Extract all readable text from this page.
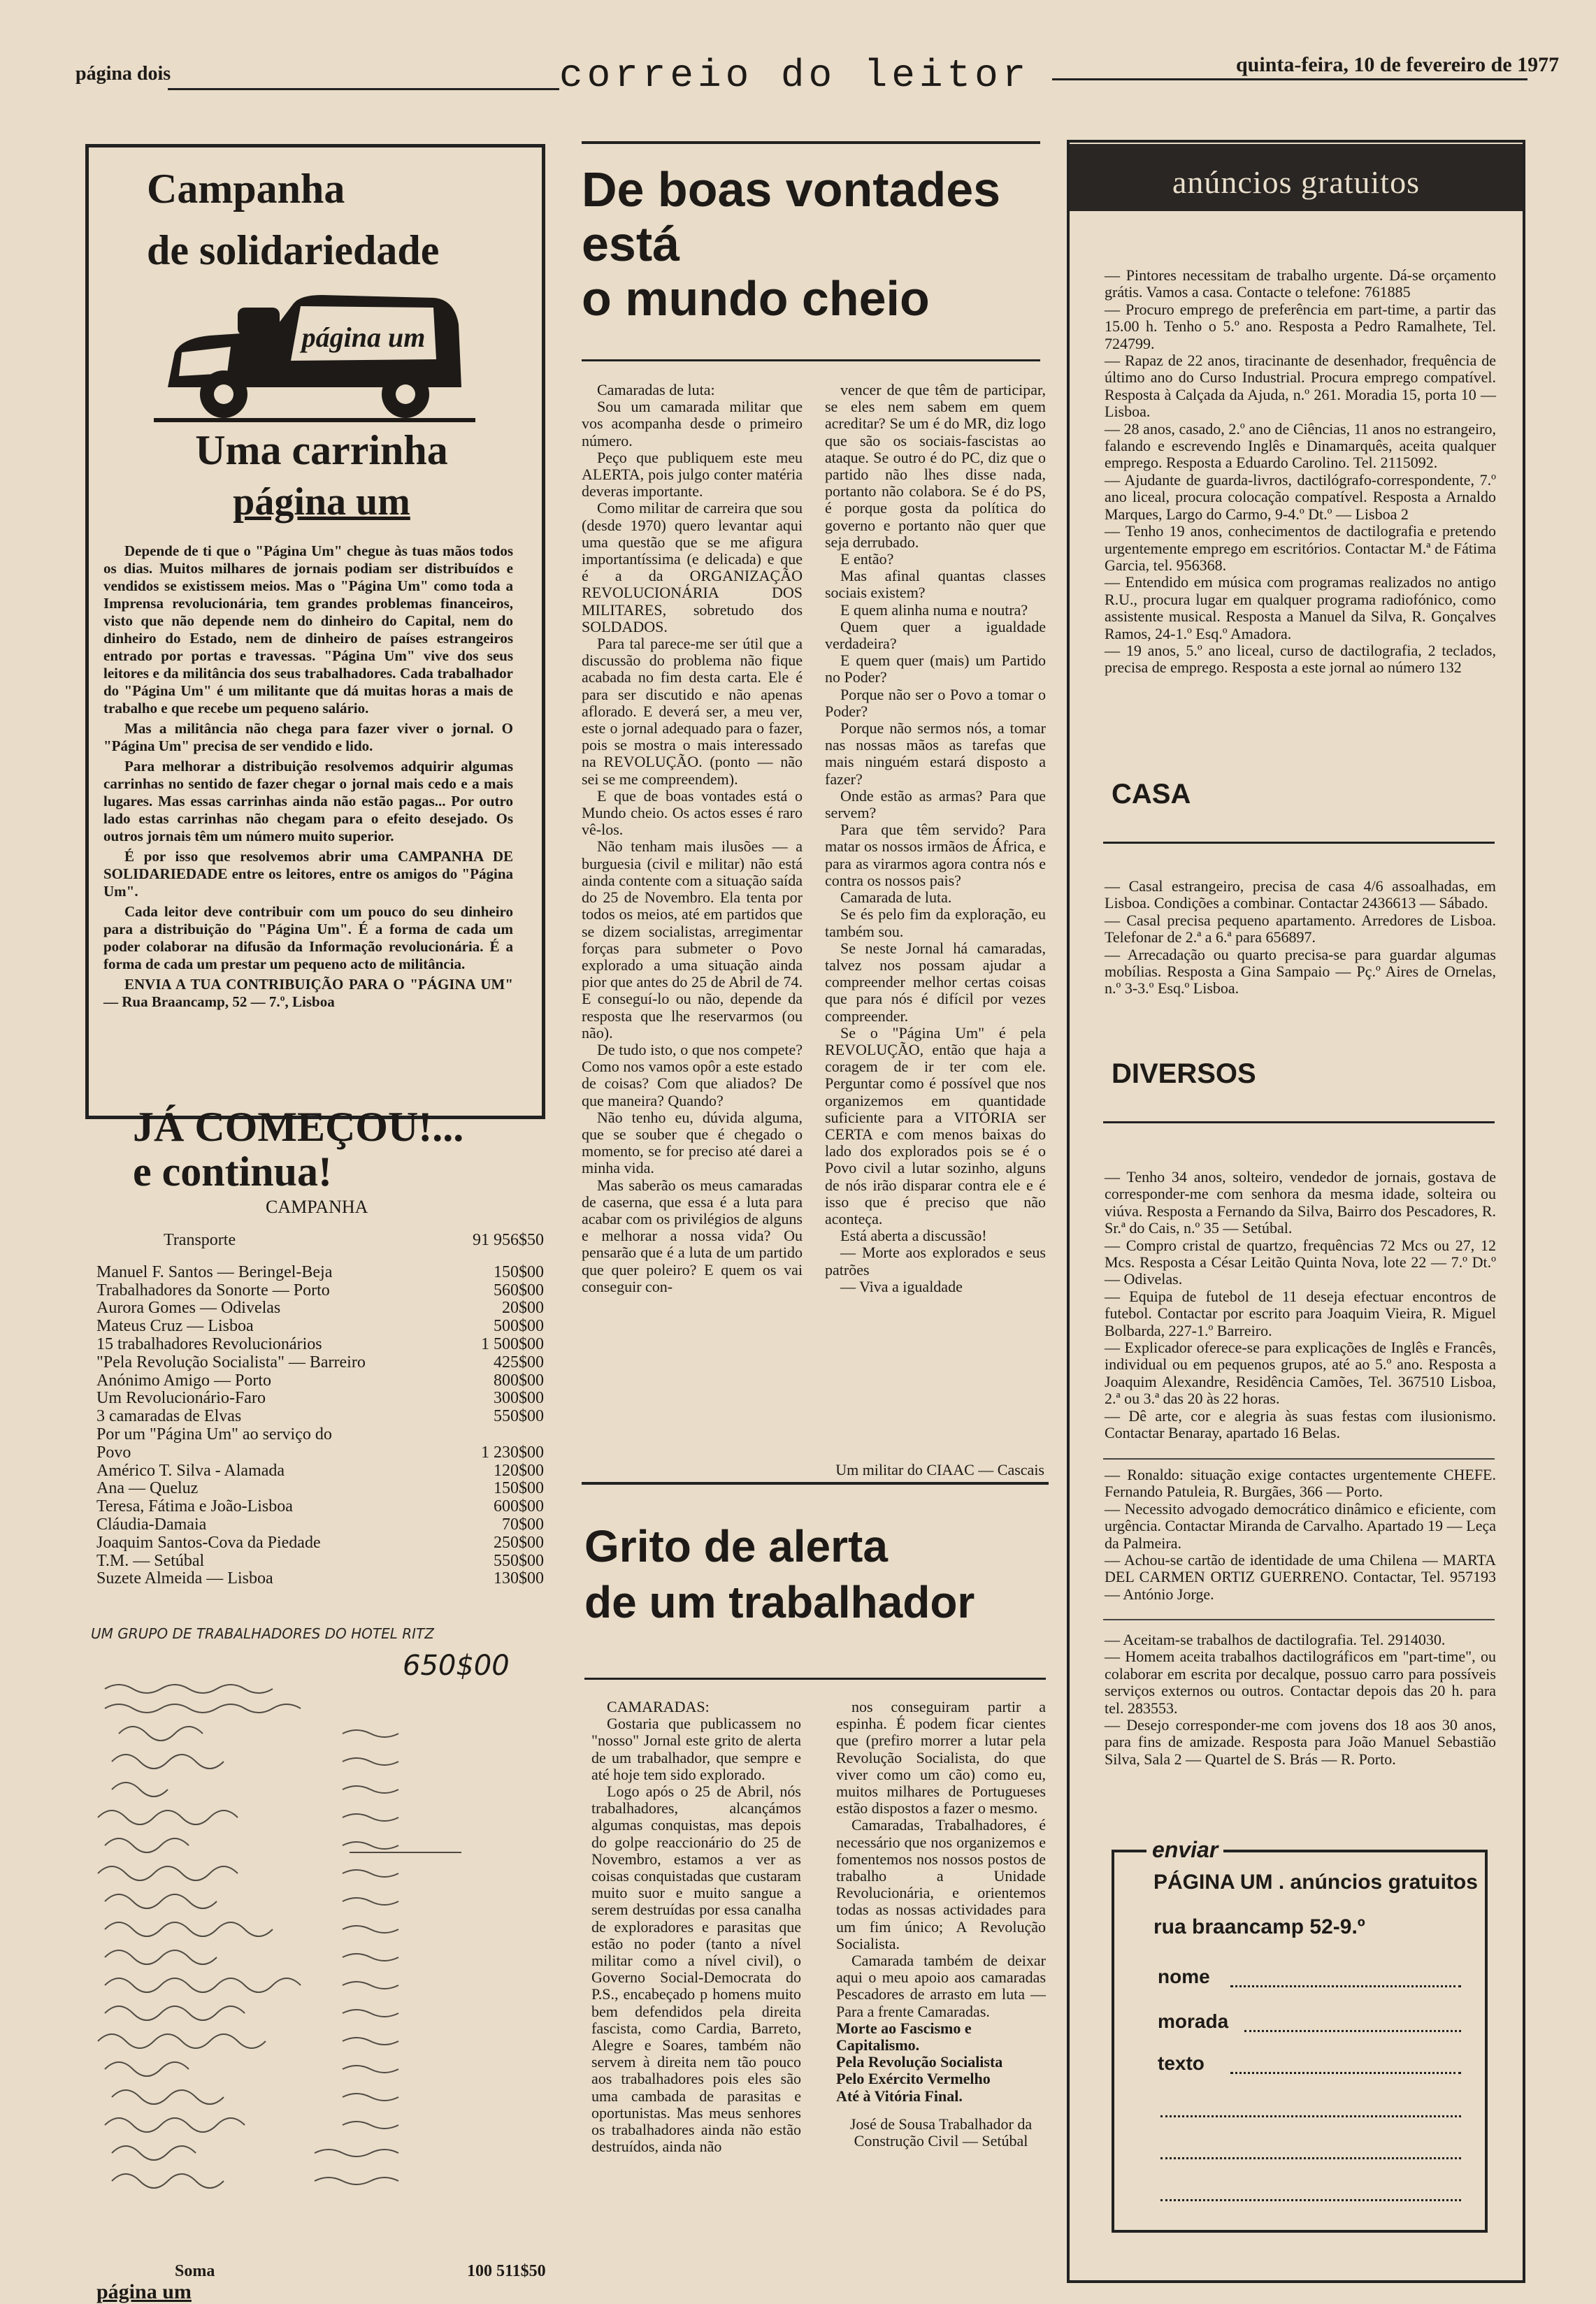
página dois	correio do leitor	quinta-feira, 10 de fevereiro de 1977
Campanha
de solidariedade
página um
Uma carrinha
página um

Depende de ti que o "Página Um" chegue às tuas mãos todos os dias. Muitos milhares de jornais podiam ser distribuídos e vendidos se existissem meios. Mas o "Página Um" como toda a Imprensa revolucionária, tem grandes problemas financeiros, visto que não depende nem do dinheiro do Capital, nem do dinheiro do Estado, nem de dinheiro de países estrangeiros entrado por portas e travessas. "Página Um" vive dos seus leitores e da militância dos seus trabalhadores. Cada trabalhador do "Página Um" é um militante que dá muitas horas a mais de trabalho e que recebe um pequeno salário.

Mas a militância não chega para fazer viver o jornal. O "Página Um" precisa de ser vendido e lido.

Para melhorar a distribuição resolvemos adquirir algumas carrinhas no sentido de fazer chegar o jornal mais cedo e a mais lugares. Mas essas carrinhas ainda não estão pagas... Por outro lado estas carrinhas não chegam para o efeito desejado. Os outros jornais têm um número muito superior.

É por isso que resolvemos abrir uma CAMPANHA DE SOLIDARIEDADE entre os leitores, entre os amigos do "Página Um".

Cada leitor deve contribuir com um pouco do seu dinheiro para a distribuição do "Página Um". É a forma de cada um poder colaborar na difusão da Informação revolucionária. É a forma de cada um prestar um pequeno acto de militância.

ENVIA A TUA CONTRIBUIÇÃO PARA O "PÁGINA UM" — Rua Braancamp, 52 — 7.º, Lisboa

JÁ COMEÇOU!...
e continua!
CAMPANHA
Transporte	91 956$50
Manuel F. Santos — Beringel-Beja	150$00
Trabalhadores da Sonorte — Porto	560$00
Aurora Gomes — Odivelas	20$00
Mateus Cruz — Lisboa	500$00
15 trabalhadores Revolucionários	1 500$00
"Pela Revolução Socialista" — Barreiro	425$00
Anónimo Amigo — Porto	800$00
Um Revolucionário-Faro	300$00
3 camaradas de Elvas	550$00
Por um "Página Um" ao serviço do
Povo	1 230$00
Américo T. Silva - Alamada	120$00
Ana — Queluz	150$00
Teresa, Fátima e João-Lisboa	600$00
Cláudia-Damaia	70$00
Joaquim Santos-Cova da Piedade	250$00
T.M. — Setúbal	550$00
Suzete Almeida — Lisboa	130$00
UM GRUPO DE TRABALHADORES DO HOTEL RITZ
650$00
Soma	100 511$50
página um
De boas vontades
está
o mundo cheio

Camaradas de luta:

Sou um camarada militar que vos acompanha desde o primeiro número.

Peço que publiquem este meu ALERTA, pois julgo conter matéria deveras importante.

Como militar de carreira que sou (desde 1970) quero levantar aqui uma questão que se me afigura importantíssima (e delicada) e que é a da ORGANIZAÇÃO REVOLUCIONÁRIA DOS MILITARES, sobretudo dos SOLDADOS.

Para tal parece-me ser útil que a discussão do problema não fique acabada no fim desta carta. Ele é para ser discutido e não apenas aflorado. E deverá ser, a meu ver, este o jornal adequado para o fazer, pois se mostra o mais interessado na REVOLUÇÃO. (ponto — não sei se me compreendem).

E que de boas vontades está o Mundo cheio. Os actos esses é raro vê-los.

Não tenham mais ilusões — a burguesia (civil e militar) não está ainda contente com a situação saída do 25 de Novembro. Ela tenta por todos os meios, até em partidos que se dizem socialistas, arregimentar forças para submeter o Povo explorado a uma situação ainda pior que antes do 25 de Abril de 74. E conseguí-lo ou não, depende da resposta que lhe reservarmos (ou não).

De tudo isto, o que nos compete? Como nos vamos opôr a este estado de coisas? Com que aliados? De que maneira? Quando?

Não tenho eu, dúvida alguma, que se souber que é chegado o momento, se for preciso até darei a minha vida.

Mas saberão os meus camaradas de caserna, que essa é a luta para acabar com os privilégios de alguns e melhorar a nossa vida? Ou pensarão que é a luta de um partido que quer poleiro? E quem os vai conseguir con-

vencer de que têm de participar, se eles nem sabem em quem acreditar? Se um é do MR, diz logo que são os sociais-fascistas ao ataque. Se outro é do PC, diz que o partido não lhes disse nada, portanto não colabora. Se é do PS, é porque gosta da política do governo e portanto não quer que seja derrubado.

E então?

Mas afinal quantas classes sociais existem?

E quem alinha numa e noutra?

Quem quer a igualdade verdadeira?

E quem quer (mais) um Partido no Poder?

Porque não ser o Povo a tomar o Poder?

Porque não sermos nós, a tomar nas nossas mãos as tarefas que mais ninguém estará disposto a fazer?

Onde estão as armas? Para que servem?

Para que têm servido? Para matar os nossos irmãos de África, e para as virarmos agora contra nós e contra os nossos pais?

Camarada de luta.

Se és pelo fim da exploração, eu também sou.

Se neste Jornal há camaradas, talvez nos possam ajudar a compreender melhor certas coisas que para nós é difícil por vezes compreender.

Se o "Página Um" é pela REVOLUÇÃO, então que haja a coragem de ir ter com ele. Perguntar como é possível que nos organizemos em quantidade suficiente para a VITÓRIA ser CERTA e com menos baixas do lado dos explorados pois se é o Povo civil a lutar sozinho, alguns de nós irão disparar contra ele e é isso que é preciso que não aconteça.

Está aberta a discussão!

— Morte aos explorados e seus patrões

— Viva a igualdade

Um militar do CIAAC — Cascais
Grito de alerta
de um trabalhador

CAMARADAS:

Gostaria que publicassem no "nosso" Jornal este grito de alerta de um trabalhador, que sempre e até hoje tem sido explorado.

Logo após o 25 de Abril, nós trabalhadores, alcançámos algumas conquistas, mas depois do golpe reaccionário do 25 de Novembro, estamos a ver as coisas conquistadas que custaram muito suor e muito sangue a serem destruídas por essa canalha de exploradores e parasitas que estão no poder (tanto a nível militar como a nível civil), o Governo Social-Democrata do P.S., encabeçado p homens muito bem defendidos pela direita fascista, como Cardia, Barreto, Alegre e Soares, também não servem à direita nem tão pouco aos trabalhadores pois eles são uma cambada de parasitas e oportunistas. Mas meus senhores os trabalhadores ainda não estão destruídos, ainda não

nos conseguiram partir a espinha. É podem ficar cientes que (prefiro morrer a lutar pela Revolução Socialista, do que viver como um cão) como eu, muitos milhares de Portugueses estão dispostos a fazer o mesmo.

Camaradas, Trabalhadores, é necessário que nos organizemos e fomentemos nos nossos postos de trabalho a Unidade Revolucionária, e orientemos todas as nossas actividades para um fim único; A Revolução Socialista.

Camarada também de deixar aqui o meu apoio aos camaradas Pescadores de arrasto em luta — Para a frente Camaradas.

Morte ao Fascismo e Capitalismo.

Pela Revolução Socialista

Pelo Exército Vermelho

Até à Vitória Final.

José de Sousa Trabalhador da Construção Civil — Setúbal

anúncios gratuitos

— Pintores necessitam de trabalho urgente. Dá-se orçamento grátis. Vamos a casa. Contacte o telefone: 761885

— Procuro emprego de preferência em part-time, a partir das 15.00 h. Tenho o 5.º ano. Resposta a Pedro Ramalhete, Tel. 724799.

— Rapaz de 22 anos, tiracinante de desenhador, frequência de último ano do Curso Industrial. Procura emprego compatível. Resposta à Calçada da Ajuda, n.º 261. Moradia 15, porta 10 — Lisboa.

— 28 anos, casado, 2.º ano de Ciências, 11 anos no estrangeiro, falando e escrevendo Inglês e Dinamarquês, aceita qualquer emprego. Resposta a Eduardo Carolino. Tel. 2115092.

— Ajudante de guarda-livros, dactilógrafo-correspondente, 7.º ano liceal, procura colocação compatível. Resposta a Arnaldo Marques, Largo do Carmo, 9-4.º Dt.º — Lisboa 2

— Tenho 19 anos, conhecimentos de dactilografia e pretendo urgentemente emprego em escritórios. Contactar M.ª de Fátima Garcia, tel. 956368.

— Entendido em música com programas realizados no antigo R.U., procura lugar em qualquer programa radiofónico, como assistente musical. Resposta a Manuel da Silva, R. Gonçalves Ramos, 24-1.º Esq.º Amadora.

— 19 anos, 5.º ano liceal, curso de dactilografia, 2 teclados, precisa de emprego. Resposta a este jornal ao número 132

CASA

— Casal estrangeiro, precisa de casa 4/6 assoalhadas, em Lisboa. Condições a combinar. Contactar 2436613 — Sábado.

— Casal precisa pequeno apartamento. Arredores de Lisboa. Telefonar de 2.ª a 6.ª para 656897.

— Arrecadação ou quarto precisa-se para guardar algumas mobílias. Resposta a Gina Sampaio — Pç.º Aires de Ornelas, n.º 3-3.º Esq.º Lisboa.

DIVERSOS

— Tenho 34 anos, solteiro, vendedor de jornais, gostava de corresponder-me com senhora da mesma idade, solteira ou viúva. Resposta a Fernando da Silva, Bairro dos Pescadores, R. Sr.ª do Cais, n.º 35 — Setúbal.

— Compro cristal de quartzo, frequências 72 Mcs ou 27, 12 Mcs. Resposta a César Leitão Quinta Nova, lote 22 — 7.º Dt.º — Odivelas.

— Equipa de futebol de 11 deseja efectuar encontros de futebol. Contactar por escrito para Joaquim Vieira, R. Miguel Bolbarda, 227-1.º Barreiro.

— Explicador oferece-se para explicações de Inglês e Francês, individual ou em pequenos grupos, até ao 5.º ano. Resposta a Joaquim Alexandre, Residência Camões, Tel. 367510 Lisboa, 2.ª ou 3.ª das 20 às 22 horas.

— Dê arte, cor e alegria às suas festas com ilusionismo. Contactar Benaray, apartado 16 Belas.

— Ronaldo: situação exige contactes urgentemente CHEFE. Fernando Patuleia, R. Burgães, 366 — Porto.

— Necessito advogado democrático dinâmico e eficiente, com urgência. Contactar Miranda de Carvalho. Apartado 19 — Leça da Palmeira.

— Achou-se cartão de identidade de uma Chilena — MARTA DEL CARMEN ORTIZ GUERRENO. Contactar, Tel. 957193 — António Jorge.

— Aceitam-se trabalhos de dactilografia. Tel. 2914030.

— Homem aceita trabalhos dactilográficos em "part-time", ou colaborar em escrita por decalque, possuo carro para possíveis serviços externos ou outros. Contactar depois das 20 h. para tel. 283553.

— Desejo corresponder-me com jovens dos 18 aos 30 anos, para fins de amizade. Resposta para João Manuel Sebastião Silva, Sala 2 — Quartel de S. Brás — R. Porto.

enviar
PÁGINA UM . anúncios gratuitos
rua braancamp 52-9.º
nome
morada
texto
